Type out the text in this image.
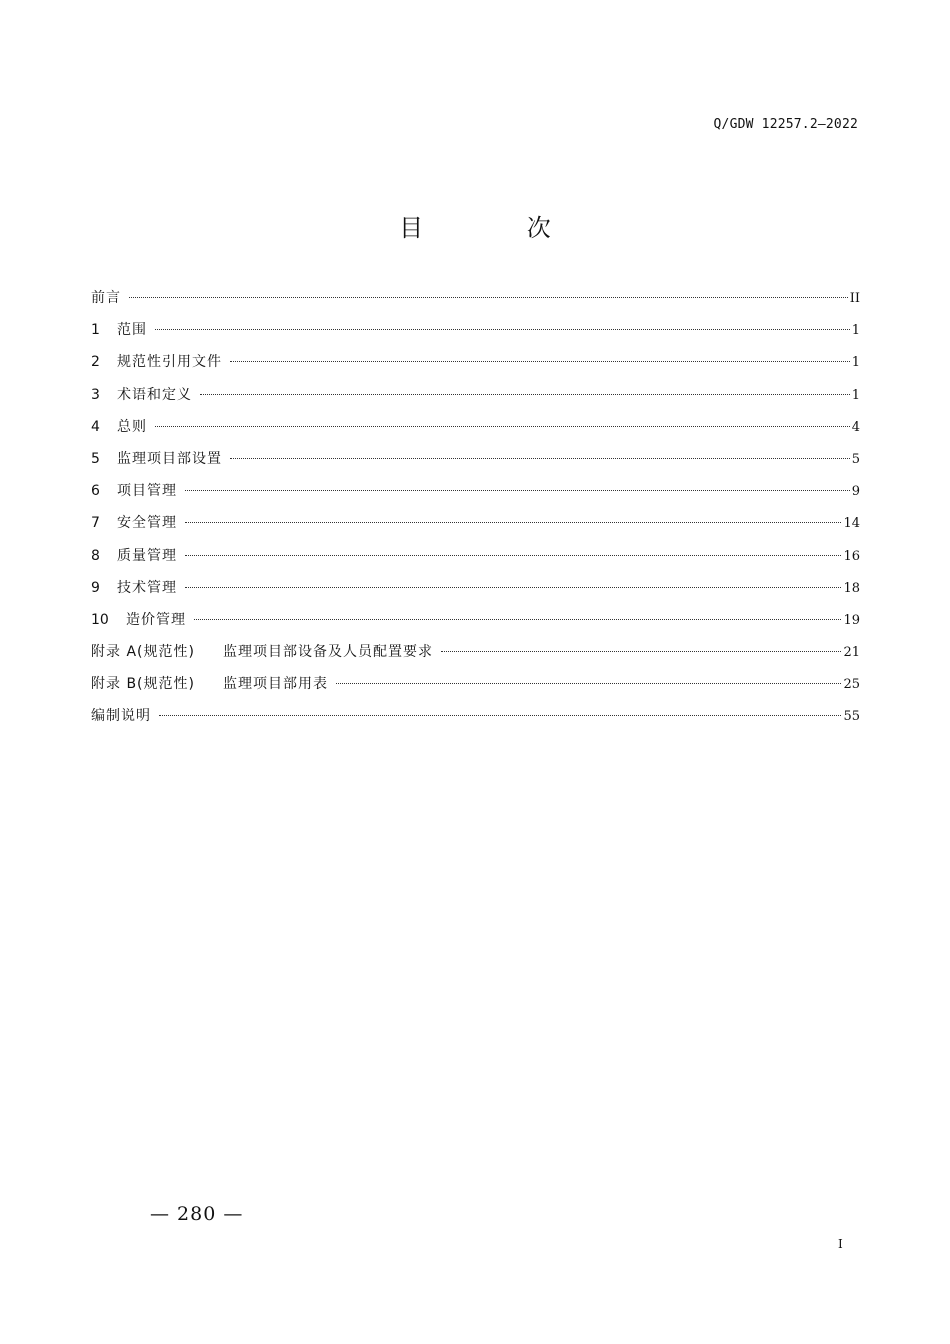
Q/GDW 12257.2—2022
目 次
前言	II
1	范围	1
2	规范性引用文件	1
3	术语和定义	1
4	总则	4
5	监理项目部设置	5
6	项目管理	9
7	安全管理	14
8	质量管理	16
9	技术管理	18
10	造价管理	19
附录 A(规范性) 监理项目部设备及人员配置要求	21
附录 B(规范性) 监理项目部用表	25
编制说明	55
— 280 —
I
